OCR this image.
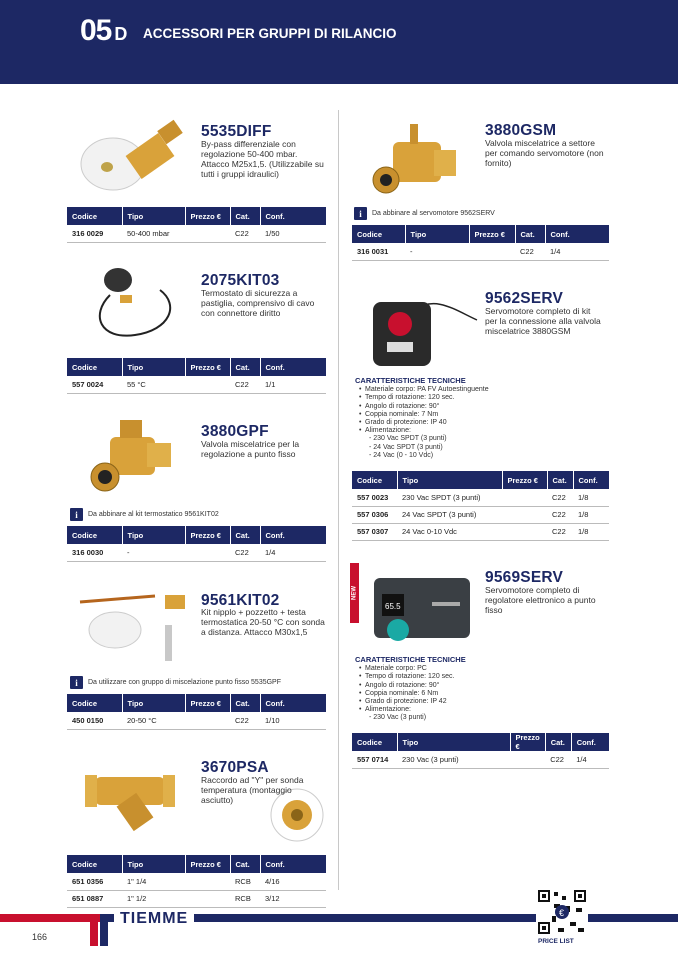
05 D ACCESSORI PER GRUPPI DI RILANCIO
5535DIFF
By-pass differenziale con
regolazione 50-400 mbar.
Attacco M25x1,5. (Utilizzabile su
tutti i gruppi idraulici)
Codice	Tipo	Prezzo €	Cat.	Conf.
316 0029	50-400 mbar		C22	1/50
2075KIT03
Termostato di sicurezza a
pastiglia, comprensivo di cavo
con connettore diritto
Codice	Tipo	Prezzo €	Cat.	Conf.
557 0024	55 °C		C22	1/1
3880GPF
Valvola miscelatrice per la
regolazione a punto fisso
i	Da abbinare al kit termostatico 9561KIT02
Codice	Tipo	Prezzo €	Cat.	Conf.
316 0030	-		C22	1/4
9561KIT02
Kit nipplo + pozzetto + testa
termostatica 20-50 °C con sonda
a distanza. Attacco M30x1,5
i	Da utilizzare con gruppo di miscelazione punto fisso 5535GPF
Codice	Tipo	Prezzo €	Cat.	Conf.
450 0150	20-50 °C		C22	1/10
3670PSA
Raccordo ad "Y" per sonda
temperatura (montaggio
asciutto)
Codice	Tipo	Prezzo €	Cat.	Conf.
651 0356	1" 1/4		RCB	4/16
651 0887	1" 1/2		RCB	3/12
3880GSM
Valvola miscelatrice a settore
per comando servomotore (non
fornito)
i	Da abbinare al servomotore 9562SERV
Codice	Tipo	Prezzo €	Cat.	Conf.
316 0031	-		C22	1/4
9562SERV
Servomotore completo di kit
per la connessione alla valvola
miscelatrice 3880GSM
CARATTERISTICHE TECNICHE
• Materiale corpo: PA FV Autoestinguente
• Tempo di rotazione: 120 sec.
• Angolo di rotazione: 90°
• Coppia nominale: 7 Nm
• Grado di protezione: IP 40
• Alimentazione:
- 230 Vac SPDT (3 punti)
- 24 Vac SPDT (3 punti)
- 24 Vac (0 - 10 Vdc)
Codice	Tipo	Prezzo €	Cat.	Conf.
557 0023	230 Vac SPDT (3 punti)		C22	1/8
557 0306	24 Vac SPDT (3 punti)		C22	1/8
557 0307	24 Vac 0-10 Vdc		C22	1/8
NEW
65.5
9569SERV
Servomotore completo di
regolatore elettronico a punto
fisso
CARATTERISTICHE TECNICHE
• Materiale corpo: PC
• Tempo di rotazione: 120 sec.
• Angolo di rotazione: 90°
• Coppia nominale: 6 Nm
• Grado di protezione: IP 42
• Alimentazione:
- 230 Vac (3 punti)
Codice	Tipo	Prezzo €	Cat.	Conf.
557 0714	230 Vac (3 punti)		C22	1/4
TIEMME
166
€
PRICE LIST
